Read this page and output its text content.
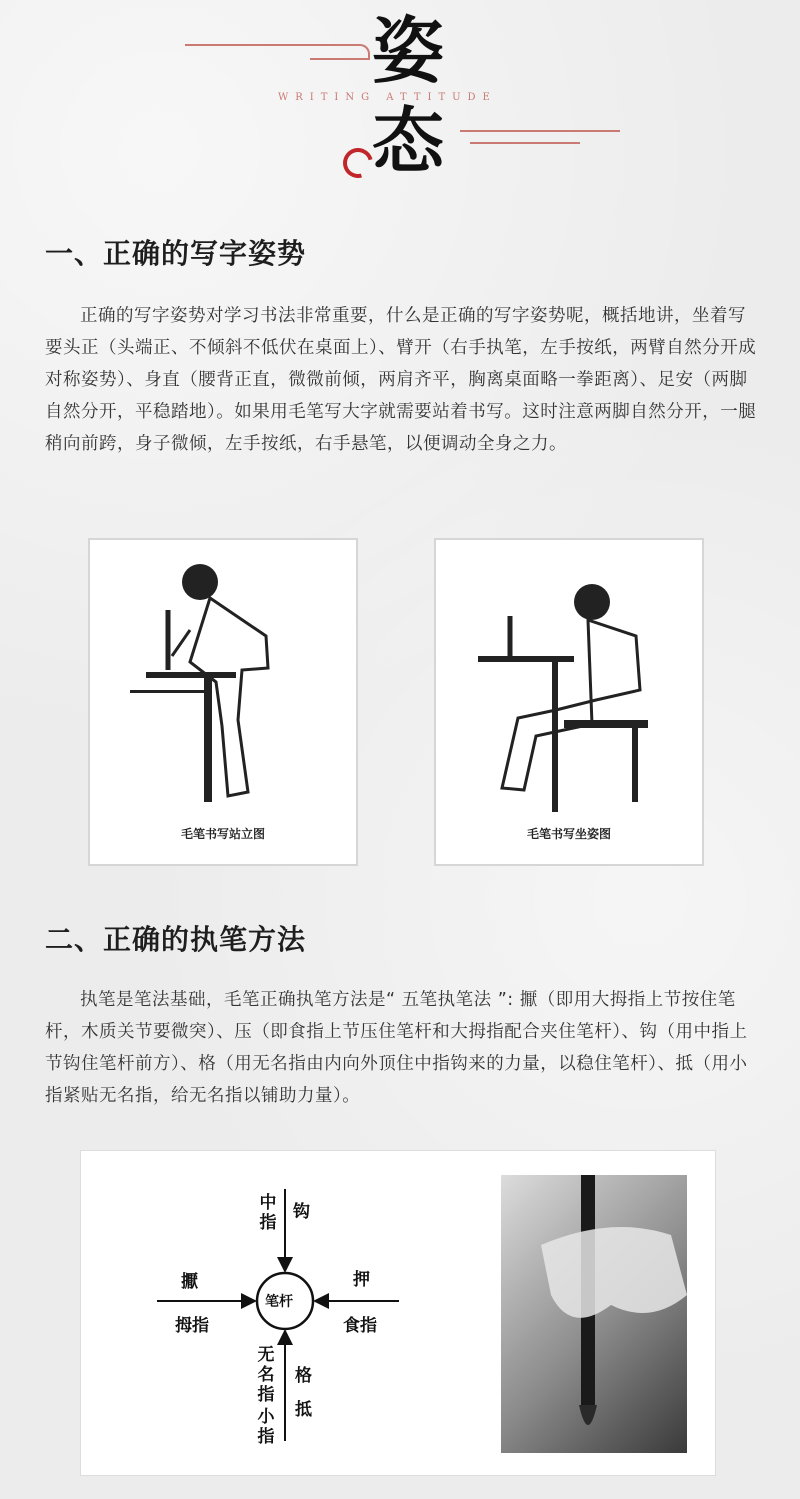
姿
态
WRITING ATTITUDE
一、正确的写字姿势

正确的写字姿势对学习书法非常重要，什么是正确的写字姿势呢，概括地讲，坐着写要头正（头端正、不倾斜不低伏在桌面上）、臂开（右手执笔，左手按纸，两臂自然分开成对称姿势）、身直（腰背正直，微微前倾，两肩齐平，胸离桌面略一拳距离）、足安（两脚自然分开，平稳踏地）。如果用毛笔写大字就需要站着书写。这时注意两脚自然分开，一腿稍向前跨，身子微倾，左手按纸，右手悬笔，以便调动全身之力。

毛笔书写站立图	毛笔书写坐姿图
二、正确的执笔方法

执笔是笔法基础，毛笔正确执笔方法是“ 五笔执笔法 ”: 擫（即用大拇指上节按住笔杆，木质关节要微突）、压（即食指上节压住笔杆和大拇指配合夹住笔杆）、钩（用中指上节钩住笔杆前方）、格（用无名指由内向外顶住中指钩来的力量，以稳住笔杆）、抵（用小指紧贴无名指，给无名指以铺助力量）。

笔杆
中指
钩
擫
拇指
押
食指
无名指
小指
格
抵
